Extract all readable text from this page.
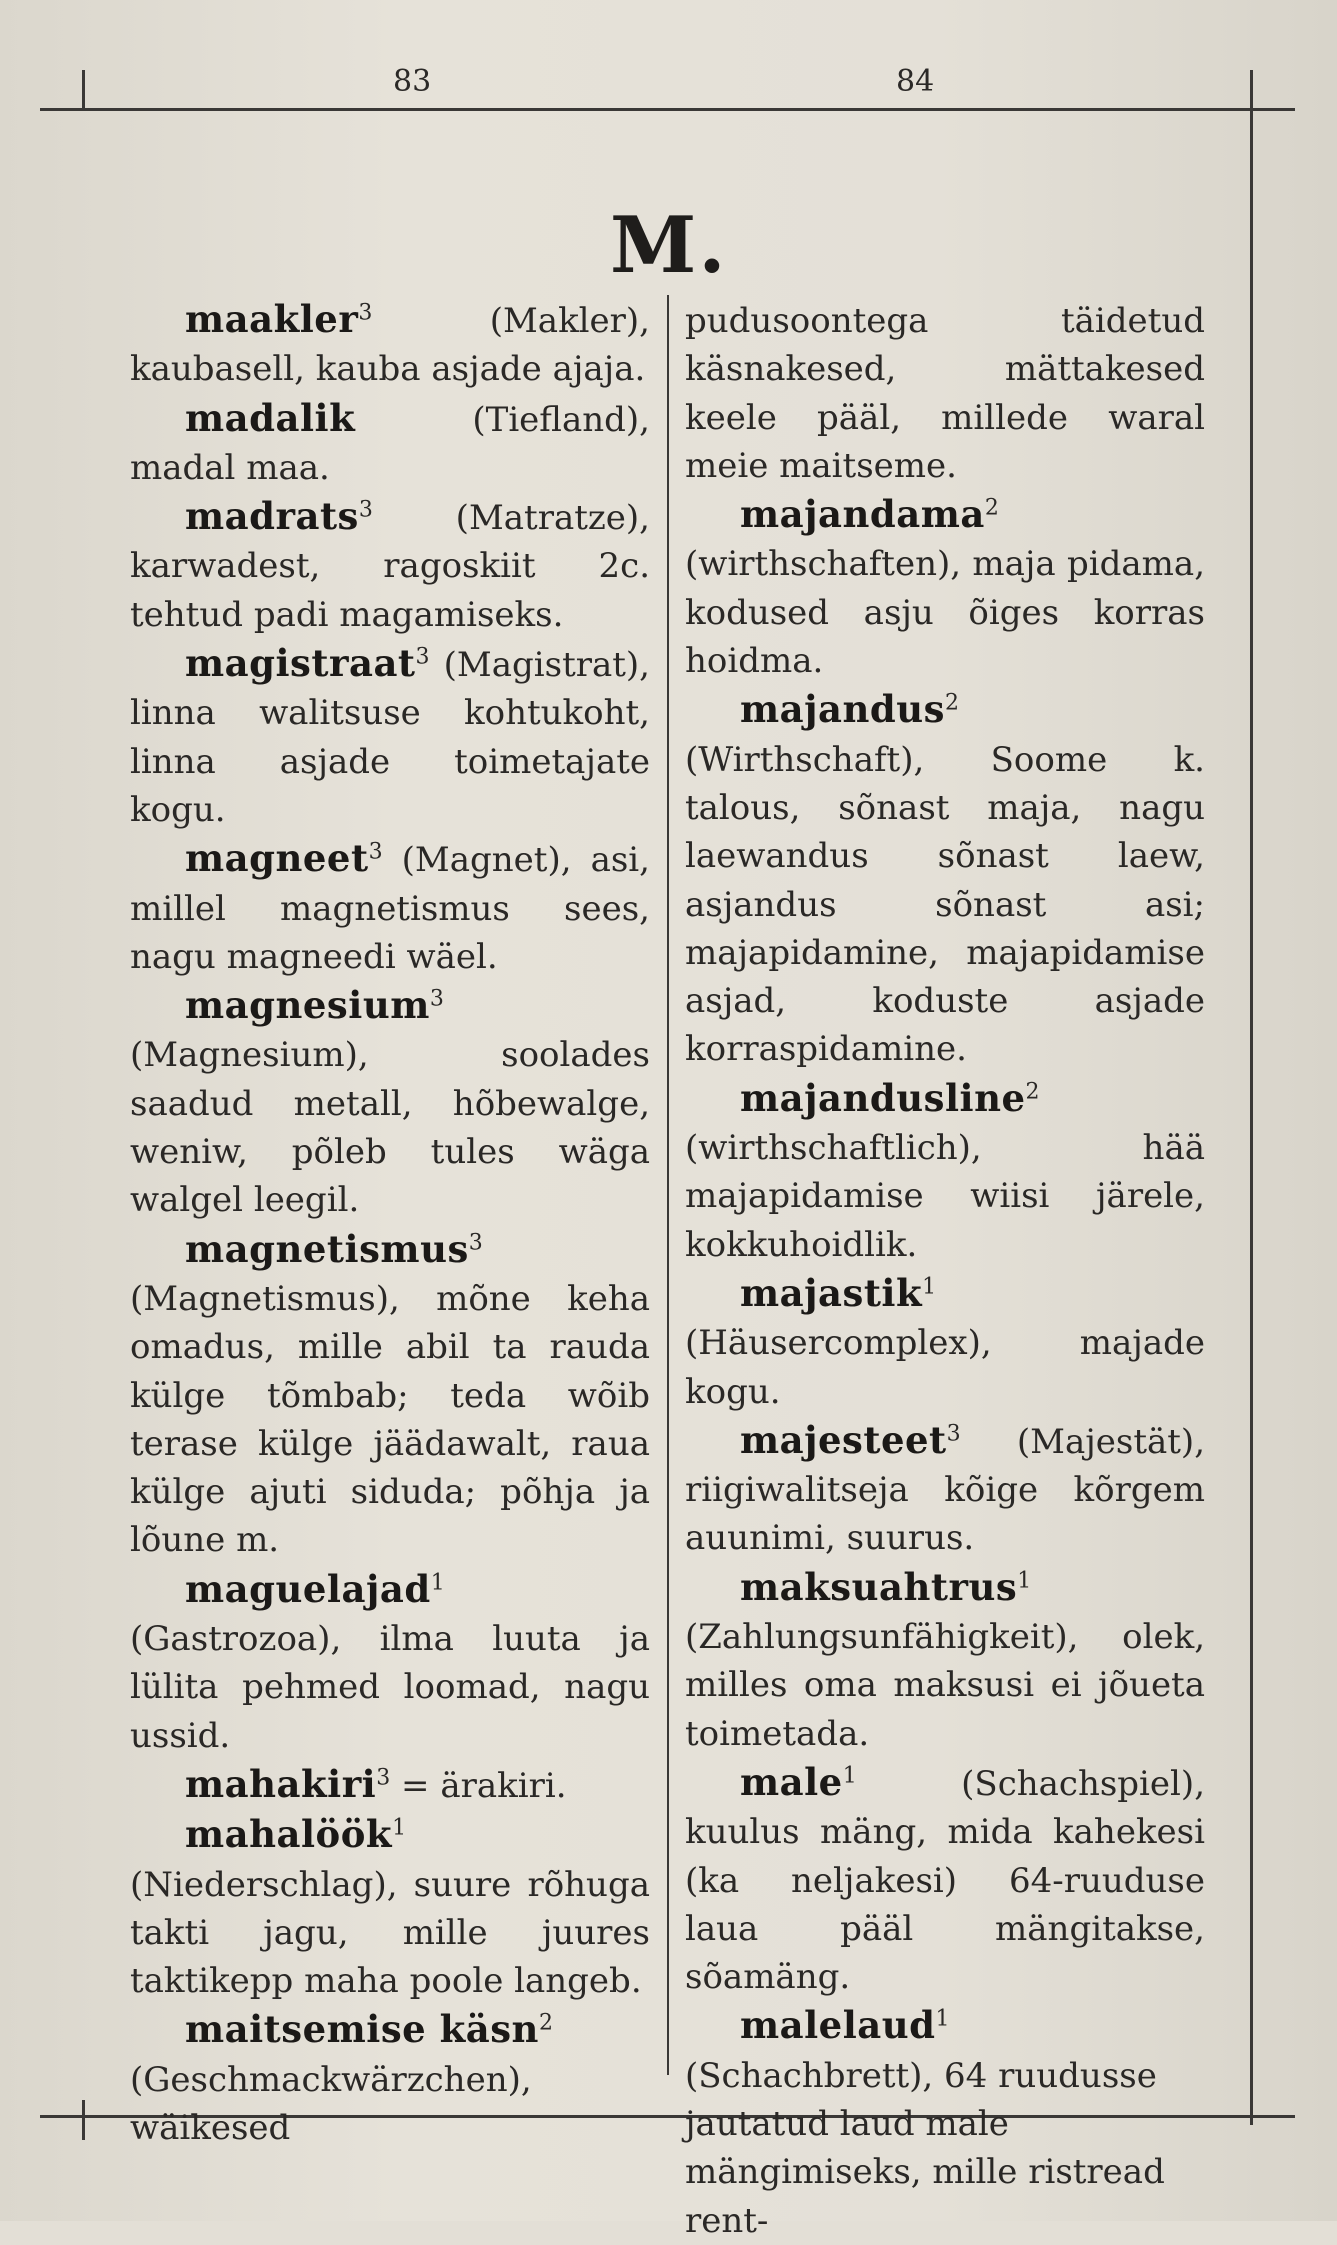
83	84
M.

maakler$^3$ (Makler), kaubasell, kauba asjade ajaja.

madalik (Tiefland), madal maa.

madrats$^3$ (Matratze), karwadest, ragoskiit 2c. tehtud padi magamiseks.

magistraat$^3$ (Magistrat), linna walitsuse kohtukoht, linna asjade toimetajate kogu.

magneet$^3$ (Magnet), asi, millel magnetismus sees, nagu magneedi wäel.

magnesium$^3$ (Magnesium), soolades saadud metall, hõbewalge, weniw, põleb tules wäga walgel leegil.

magnetismus$^3$ (Magnetismus), mõne keha omadus, mille abil ta rauda külge tõmbab; teda wõib terase külge jäädawalt, raua külge ajuti siduda; põhja ja lõune m.

maguelajad$^1$ (Gastrozoa), ilma luuta ja lülita pehmed loomad, nagu ussid.

mahakiri$^3$ = ärakiri.

mahalöök$^1$ (Niederschlag), suure rõhuga takti jagu, mille juures taktikepp maha poole langeb.

maitsemise käsn$^2$ (Geschmackwärzchen), wäikesed

pudusoontega täidetud käsnakesed, mättakesed keele pääl, millede waral meie maitseme.

majandama$^2$ (wirthschaften), maja pidama, kodused asju õiges korras hoidma.

majandus$^2$ (Wirthschaft), Soome k. talous, sõnast maja, nagu laewandus sõnast laew, asjandus sõnast asi; majapidamine, majapidamise asjad, koduste asjade korraspidamine.

majandusline$^2$ (wirthschaftlich), hää majapidamise wiisi järele, kokkuhoidlik.

majastik$^1$ (Häusercomplex), majade kogu.

majesteet$^3$ (Majestät), riigiwalitseja kõige kõrgem auunimi, suurus.

maksuahtrus$^1$ (Zahlungsunfähigkeit), olek, milles oma maksusi ei jõueta toimetada.

male$^1$ (Schachspiel), kuulus mäng, mida kahekesi (ka neljakesi) 64-ruuduse laua pääl mängitakse, sõamäng.

malelaud$^1$ (Schachbrett), 64 ruudusse jautatud laud male mängimiseks, mille ristread rent-
